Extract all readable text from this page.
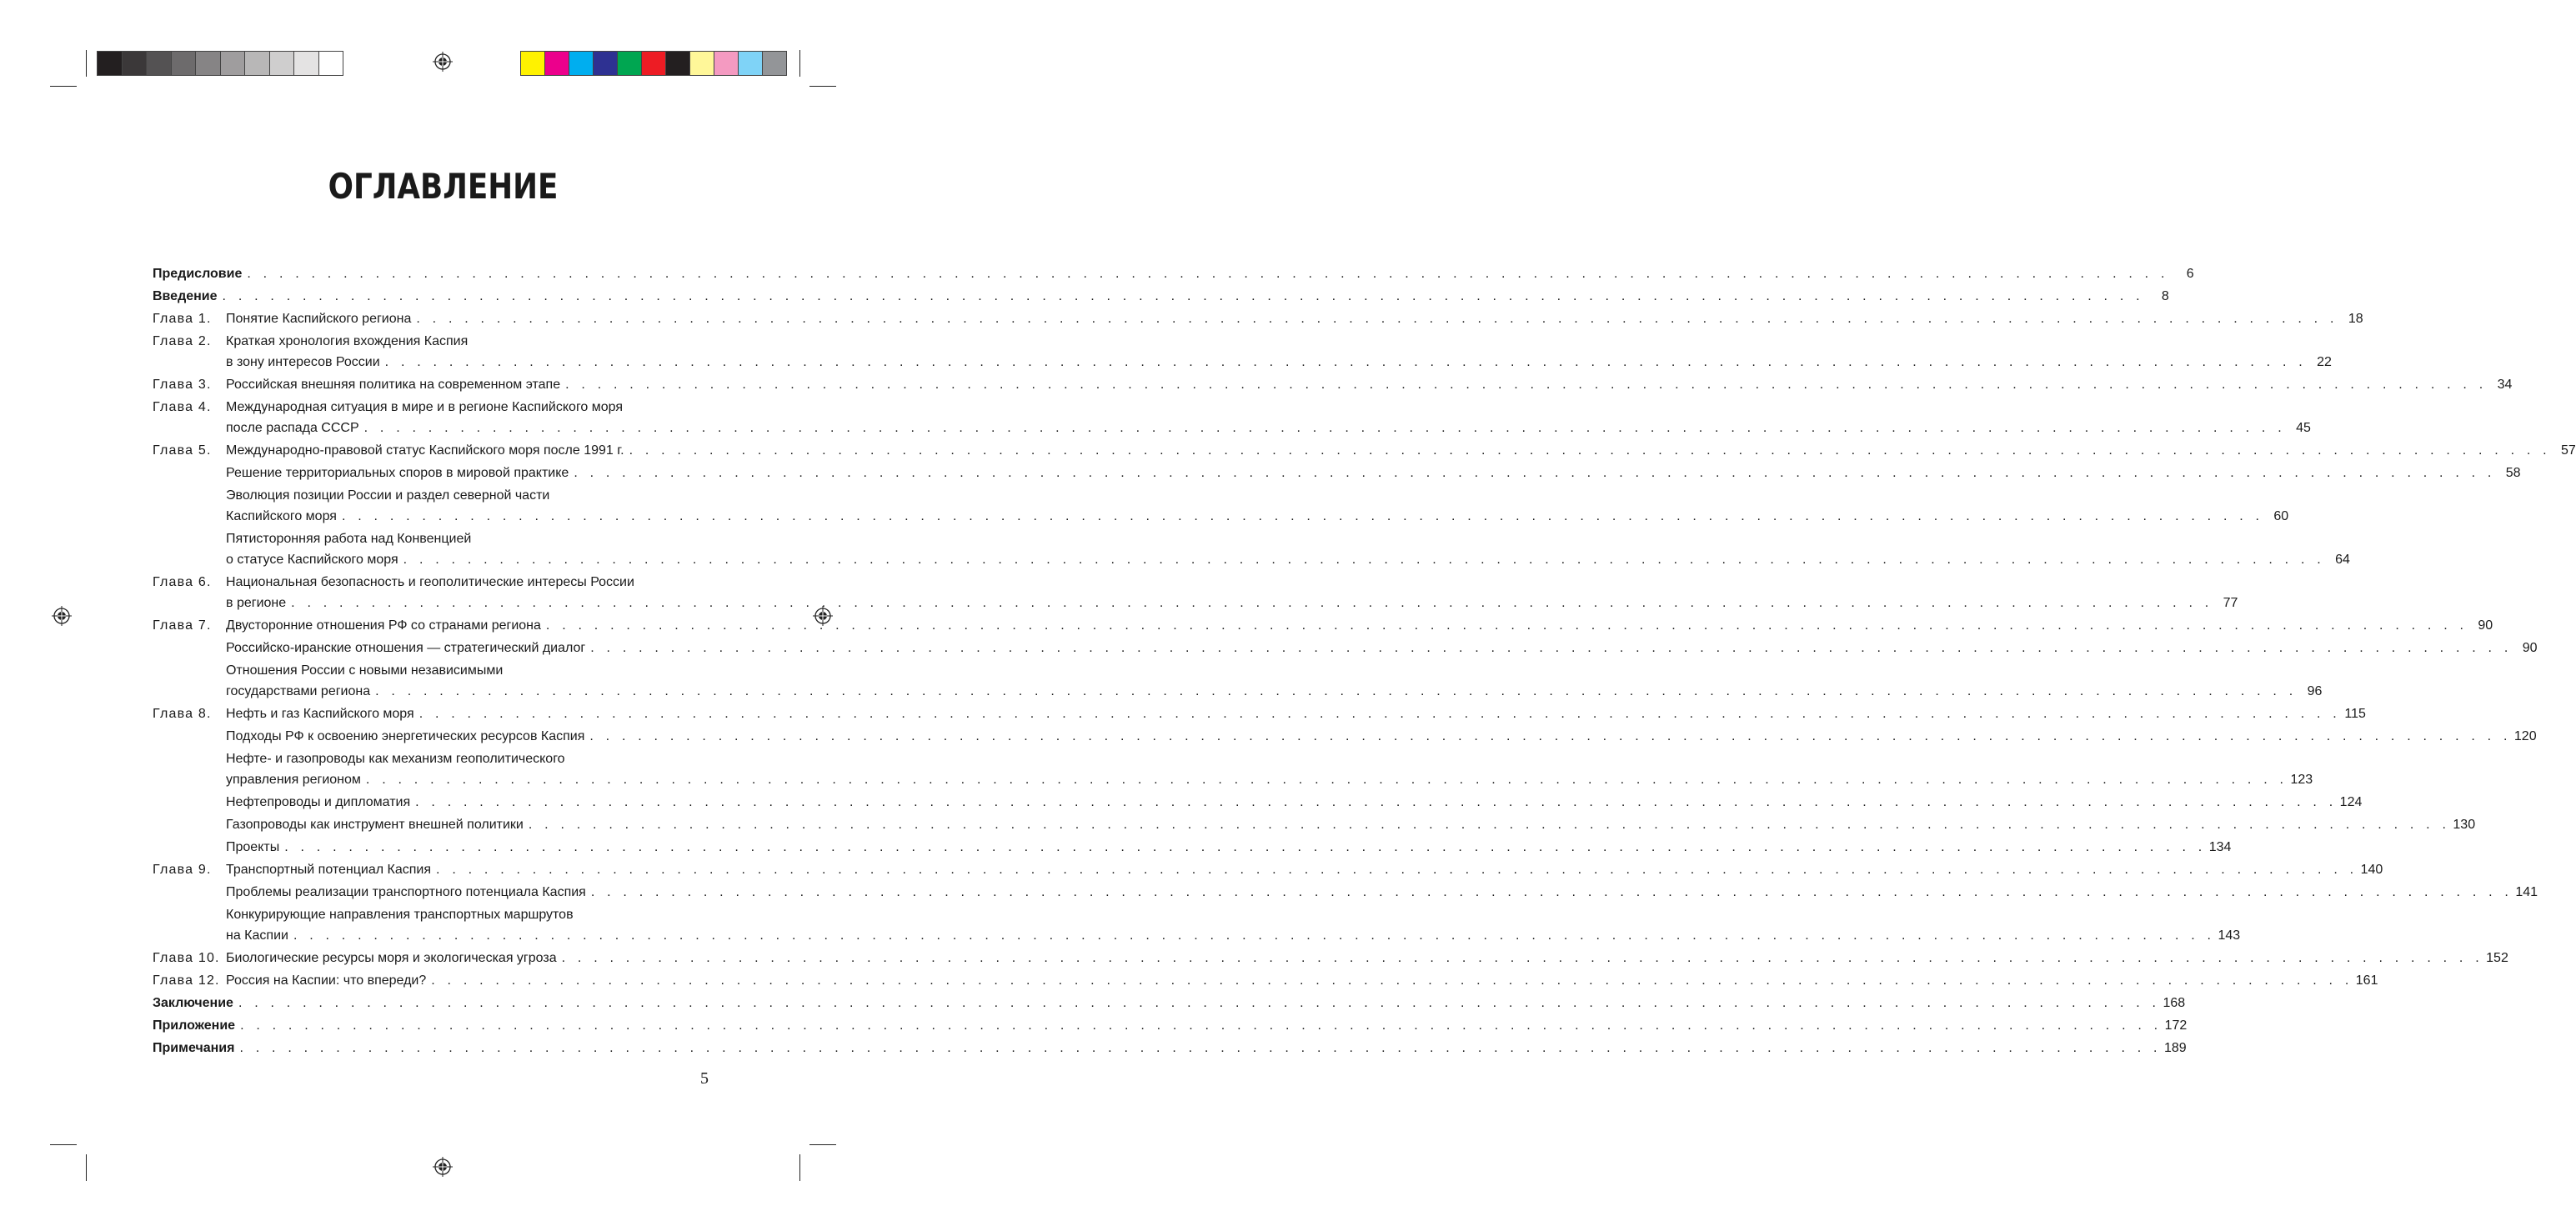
ОГЛАВЛЕНИЕ
Предисловие . . . . . . . . . . . . . . . . . . . . . . . . . . . . . . . . . . . . . . . . . . . . . . . . . . . . . . . . . . . . . . . . . . . . . . . . . . . . . . . . . . . . . . . . . . . . . . . . . . . . . . . . . . . . . . . . . . . . . . . .	6
Введение . . . . . . . . . . . . . . . . . . . . . . . . . . . . . . . . . . . . . . . . . . . . . . . . . . . . . . . . . . . . . . . . . . . . . . . . . . . . . . . . . . . . . . . . . . . . . . . . . . . . . . . . . . . . . . . . . . . . . . . .	8
Глава 1. Понятие Каспийского региона . . . . . . . . . . . . . . . . . . . . . . . . . . . . . . . . . . . . . . . . . . . . . . . . . . . . . . . . . . . . . . . . . . . . . . . . . . . . . . . . . . . . . . . . . . . . . . . . . . . . . . . . . . . . . . . . . . . . . . . . 18
Глава 2. Краткая хронология вхождения Каспия
в зону интересов России . . . . . . . . . . . . . . . . . . . . . . . . . . . . . . . . . . . . . . . . . . . . . . . . . . . . . . . . . . . . . . . . . . . . . . . . . . . . . . . . . . . . . . . . . . . . . . . . . . . . . . . . . . . . . . . . . . . . . . . . 22
Глава 3. Российская внешняя политика на современном этапе . . . . . . . . . . . . . . . . . . . . . . . . . . . . . . . . . . . . . . . . . . . . . . . . . . . . . . . . . . . . . . . . . . . . . . . . . . . . . . . . . . . . . . . . . . . . . . . . . . . . . . . . . . . . . . . . . . . . . . . . 34
Глава 4. Международная ситуация в мире и в регионе Каспийского моря
после распада СССР . . . . . . . . . . . . . . . . . . . . . . . . . . . . . . . . . . . . . . . . . . . . . . . . . . . . . . . . . . . . . . . . . . . . . . . . . . . . . . . . . . . . . . . . . . . . . . . . . . . . . . . . . . . . . . . . . . . . . . . . 45
Глава 5. Международно-правовой статус Каспийского моря после 1991 г. . . . . . . . . . . . . . . . . . . . . . . . . . . . . . . . . . . . . . . . . . . . . . . . . . . . . . . . . . . . . . . . . . . . . . . . . . . . . . . . . . . . . . . . . . . . . . . . . . . . . . . . . . . . . . . . . . . . . . . . . 57
Решение территориальных споров в мировой практике . . . . . . . . . . . . . . . . . . . . . . . . . . . . . . . . . . . . . . . . . . . . . . . . . . . . . . . . . . . . . . . . . . . . . . . . . . . . . . . . . . . . . . . . . . . . . . . . . . . . . . . . . . . . . . . . . . . . . . . . 58
Эволюция позиции России и раздел северной части
Каспийского моря . . . . . . . . . . . . . . . . . . . . . . . . . . . . . . . . . . . . . . . . . . . . . . . . . . . . . . . . . . . . . . . . . . . . . . . . . . . . . . . . . . . . . . . . . . . . . . . . . . . . . . . . . . . . . . . . . . . . . . . . 60
Пятисторонняя работа над Конвенцией
о статусе Каспийского моря . . . . . . . . . . . . . . . . . . . . . . . . . . . . . . . . . . . . . . . . . . . . . . . . . . . . . . . . . . . . . . . . . . . . . . . . . . . . . . . . . . . . . . . . . . . . . . . . . . . . . . . . . . . . . . . . . . . . . . . . 64
Глава 6. Национальная безопасность и геополитические интересы России
в регионе . . . . . . . . . . . . . . . . . . . . . . . . . . . . . . . . . . . . . . . . . . . . . . . . . . . . . . . . . . . . . . . . . . . . . . . . . . . . . . . . . . . . . . . . . . . . . . . . . . . . . . . . . . . . . . . . . . . . . . . . 77
Глава 7. Двусторонние отношения РФ со странами региона . . . . . . . . . . . . . . . . . . . . . . . . . . . . . . . . . . . . . . . . . . . . . . . . . . . . . . . . . . . . . . . . . . . . . . . . . . . . . . . . . . . . . . . . . . . . . . . . . . . . . . . . . . . . . . . . . . . . . . . . 90
Российско-иранские отношения — стратегический диалог . . . . . . . . . . . . . . . . . . . . . . . . . . . . . . . . . . . . . . . . . . . . . . . . . . . . . . . . . . . . . . . . . . . . . . . . . . . . . . . . . . . . . . . . . . . . . . . . . . . . . . . . . . . . . . . . . . . . . . . . 90
Отношения России с новыми независимыми
государствами региона . . . . . . . . . . . . . . . . . . . . . . . . . . . . . . . . . . . . . . . . . . . . . . . . . . . . . . . . . . . . . . . . . . . . . . . . . . . . . . . . . . . . . . . . . . . . . . . . . . . . . . . . . . . . . . . . . . . . . . . . 96
Глава 8. Нефть и газ Каспийского моря . . . . . . . . . . . . . . . . . . . . . . . . . . . . . . . . . . . . . . . . . . . . . . . . . . . . . . . . . . . . . . . . . . . . . . . . . . . . . . . . . . . . . . . . . . . . . . . . . . . . . . . . . . . . . . . . . . . . . . . . 115
Подходы РФ к освоению энергетических ресурсов Каспия . . . . . . . . . . . . . . . . . . . . . . . . . . . . . . . . . . . . . . . . . . . . . . . . . . . . . . . . . . . . . . . . . . . . . . . . . . . . . . . . . . . . . . . . . . . . . . . . . . . . . . . . . . . . . . . . . . . . . . . . 120
Нефте- и газопроводы как механизм геополитического
управления регионом . . . . . . . . . . . . . . . . . . . . . . . . . . . . . . . . . . . . . . . . . . . . . . . . . . . . . . . . . . . . . . . . . . . . . . . . . . . . . . . . . . . . . . . . . . . . . . . . . . . . . . . . . . . . . . . . . . . . . . . . 123
Нефтепроводы и дипломатия . . . . . . . . . . . . . . . . . . . . . . . . . . . . . . . . . . . . . . . . . . . . . . . . . . . . . . . . . . . . . . . . . . . . . . . . . . . . . . . . . . . . . . . . . . . . . . . . . . . . . . . . . . . . . . . . . . . . . . . . 124
Газопроводы как инструмент внешней политики . . . . . . . . . . . . . . . . . . . . . . . . . . . . . . . . . . . . . . . . . . . . . . . . . . . . . . . . . . . . . . . . . . . . . . . . . . . . . . . . . . . . . . . . . . . . . . . . . . . . . . . . . . . . . . . . . . . . . . . . 130
Проекты . . . . . . . . . . . . . . . . . . . . . . . . . . . . . . . . . . . . . . . . . . . . . . . . . . . . . . . . . . . . . . . . . . . . . . . . . . . . . . . . . . . . . . . . . . . . . . . . . . . . . . . . . . . . . . . . . . . . . . . . 134
Глава 9. Транспортный потенциал Каспия . . . . . . . . . . . . . . . . . . . . . . . . . . . . . . . . . . . . . . . . . . . . . . . . . . . . . . . . . . . . . . . . . . . . . . . . . . . . . . . . . . . . . . . . . . . . . . . . . . . . . . . . . . . . . . . . . . . . . . . . 140
Проблемы реализации транспортного потенциала Каспия . . . . . . . . . . . . . . . . . . . . . . . . . . . . . . . . . . . . . . . . . . . . . . . . . . . . . . . . . . . . . . . . . . . . . . . . . . . . . . . . . . . . . . . . . . . . . . . . . . . . . . . . . . . . . . . . . . . . . . . . 141
Конкурирующие направления транспортных маршрутов
на Каспии . . . . . . . . . . . . . . . . . . . . . . . . . . . . . . . . . . . . . . . . . . . . . . . . . . . . . . . . . . . . . . . . . . . . . . . . . . . . . . . . . . . . . . . . . . . . . . . . . . . . . . . . . . . . . . . . . . . . . . . . 143
Глава 10. Биологические ресурсы моря и экологическая угроза . . . . . . . . . . . . . . . . . . . . . . . . . . . . . . . . . . . . . . . . . . . . . . . . . . . . . . . . . . . . . . . . . . . . . . . . . . . . . . . . . . . . . . . . . . . . . . . . . . . . . . . . . . . . . . . . . . . . . . . . 152
Глава 12. Россия на Каспии: что впереди? . . . . . . . . . . . . . . . . . . . . . . . . . . . . . . . . . . . . . . . . . . . . . . . . . . . . . . . . . . . . . . . . . . . . . . . . . . . . . . . . . . . . . . . . . . . . . . . . . . . . . . . . . . . . . . . . . . . . . . . . 161
Заключение . . . . . . . . . . . . . . . . . . . . . . . . . . . . . . . . . . . . . . . . . . . . . . . . . . . . . . . . . . . . . . . . . . . . . . . . . . . . . . . . . . . . . . . . . . . . . . . . . . . . . . . . . . . . . . . . . . . . . . . . 168
Приложение . . . . . . . . . . . . . . . . . . . . . . . . . . . . . . . . . . . . . . . . . . . . . . . . . . . . . . . . . . . . . . . . . . . . . . . . . . . . . . . . . . . . . . . . . . . . . . . . . . . . . . . . . . . . . . . . . . . . . . . . 172
Примечания . . . . . . . . . . . . . . . . . . . . . . . . . . . . . . . . . . . . . . . . . . . . . . . . . . . . . . . . . . . . . . . . . . . . . . . . . . . . . . . . . . . . . . . . . . . . . . . . . . . . . . . . . . . . . . . . . . . . . . . . 189
5
